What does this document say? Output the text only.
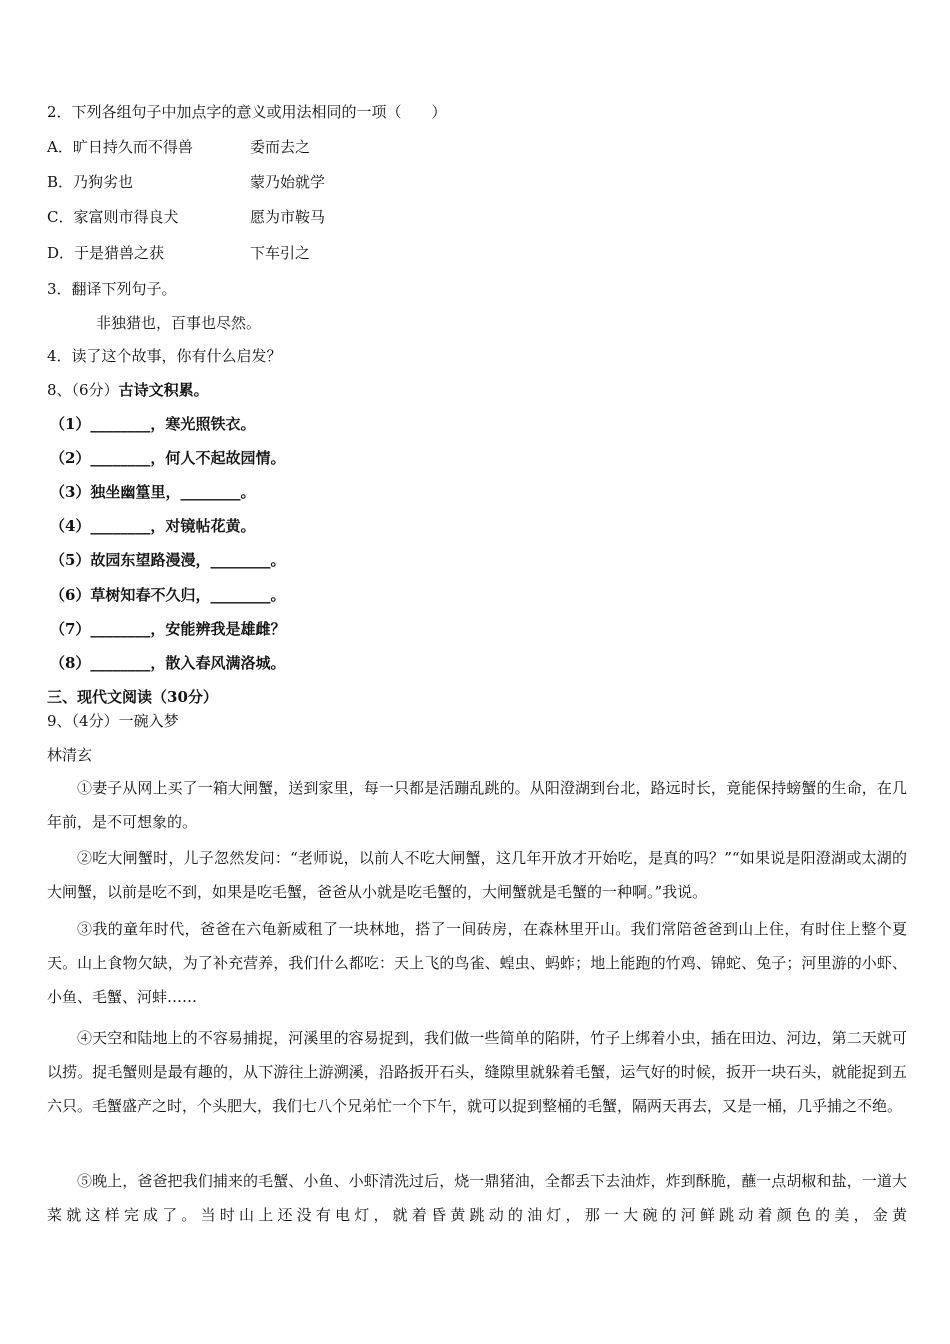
2．下列各组句子中加点字的意义或用法相同的一项（　　）
A．旷日持久而不得兽	委而去之
B．乃狗劣也	蒙乃始就学
C．家富则市得良犬	愿为市鞍马
D．于是猎兽之获	下车引之
3．翻译下列句子。
非独猎也，百事也尽然。
4．读了这个故事，你有什么启发？
8、（6分）古诗文积累。
（1）________，寒光照铁衣。
（2）________，何人不起故园情。
（3）独坐幽篁里，________。
（4）________，对镜帖花黄。
（5）故园东望路漫漫，________。
（6）草树知春不久归，________。
（7）________，安能辨我是雄雌？
（8）________，散入春风满洛城。
三、现代文阅读（30分）
9、（4分）一碗入梦
林清玄
①妻子从网上买了一箱大闸蟹，送到家里，每一只都是活蹦乱跳的。从阳澄湖到台北，路远时长，竟能保持螃蟹的生命，在几年前，是不可想象的。
②吃大闸蟹时，儿子忽然发问：“老师说，以前人不吃大闸蟹，这几年开放才开始吃，是真的吗？”“如果说是阳澄湖或太湖的大闸蟹，以前是吃不到，如果是吃毛蟹，爸爸从小就是吃毛蟹的，大闸蟹就是毛蟹的一种啊。”我说。
③我的童年时代，爸爸在六龟新威租了一块林地，搭了一间砖房，在森林里开山。我们常陪爸爸到山上住，有时住上整个夏天。山上食物欠缺，为了补充营养，我们什么都吃：天上飞的鸟雀、蝗虫、蚂蚱；地上能跑的竹鸡、锦蛇、兔子；河里游的小虾、小鱼、毛蟹、河蚌……
④天空和陆地上的不容易捕捉，河溪里的容易捉到，我们做一些简单的陷阱，竹子上绑着小虫，插在田边、河边，第二天就可以捞。捉毛蟹则是最有趣的，从下游往上游溯溪，沿路扳开石头，缝隙里就躲着毛蟹，运气好的时候，扳开一块石头，就能捉到五六只。毛蟹盛产之时，个头肥大，我们七八个兄弟忙一个下午，就可以捉到整桶的毛蟹，隔两天再去，又是一桶，几乎捕之不绝。
⑤晚上，爸爸把我们捕来的毛蟹、小鱼、小虾清洗过后，烧一鼎猪油，全都丢下去油炸，炸到酥脆，蘸一点胡椒和盐，一道大菜就这样完成了。当时山上还没有电灯，就着昏黄跳动的油灯，那一大碗的河鲜跳动着颜色的美，金黄
